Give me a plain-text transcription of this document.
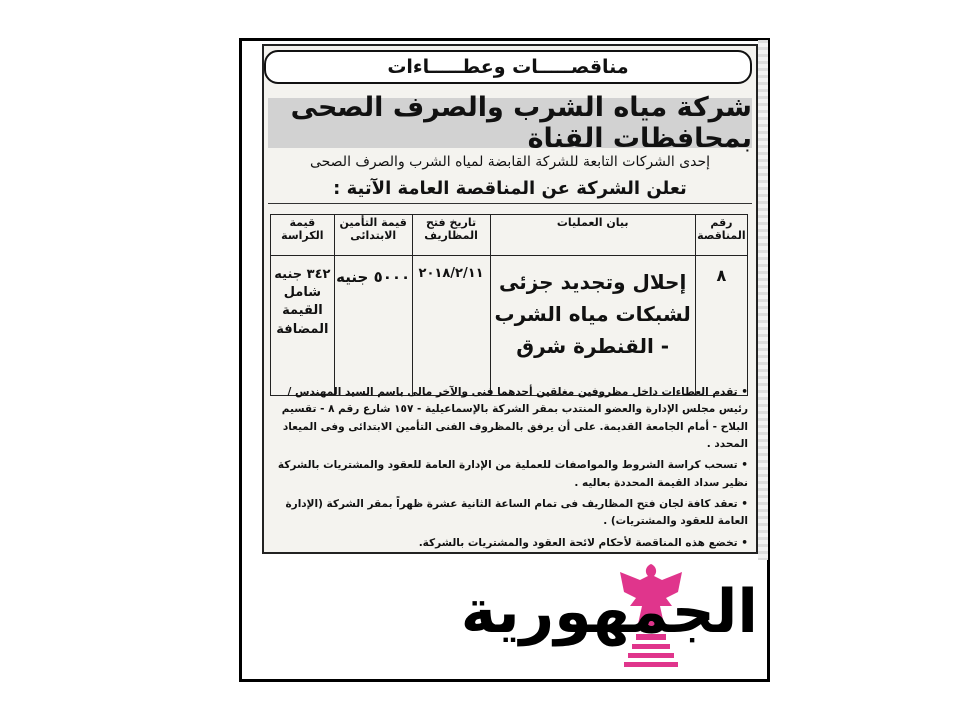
مناقصـــــات وعطـــــاءات
شركة مياه الشرب والصرف الصحى بمحافظات القناة
إحدى الشركات التابعة للشركة القابضة لمياه الشرب والصرف الصحى
تعلن الشركة عن المناقصة العامة الآتية :
رقم المناقصة	بيان العمليات	تاريخ فتح المظاريف	قيمة التأمين الابتدائى	قيمة الكراسة
٨	إحلال وتجديد جزئى لشبكات مياه الشرب - القنطرة شرق	٢٠١٨/٢/١١	٥٠٠٠ جنيه	٣٤٢ جنيه شامل القيمة المضافة

• تقدم العطاءات داخل مظروفين مغلقين أحدهما فنى والآخر مالى باسم السيد المهندس / رئيس مجلس الإدارة والعضو المنتدب بمقر الشركة بالإسماعيلية - ١٥٧ شارع رقم ٨ - تقسيم البلاح - أمام الجامعة القديمة. على أن يرفق بالمظروف الفنى التأمين الابتدائى وفى الميعاد المحدد .

• تسحب كراسة الشروط والمواصفات للعملية من الإدارة العامة للعقود والمشتريات بالشركة نظير سداد القيمة المحددة بعاليه .

• تعقد كافة لجان فتح المظاريف فى تمام الساعة الثانية عشرة ظهراً بمقر الشركة (الإدارة العامة للعقود والمشتريات) .

• تخضع هذه المناقصة لأحكام لائحة العقود والمشتريات بالشركة.

الجمهورية
